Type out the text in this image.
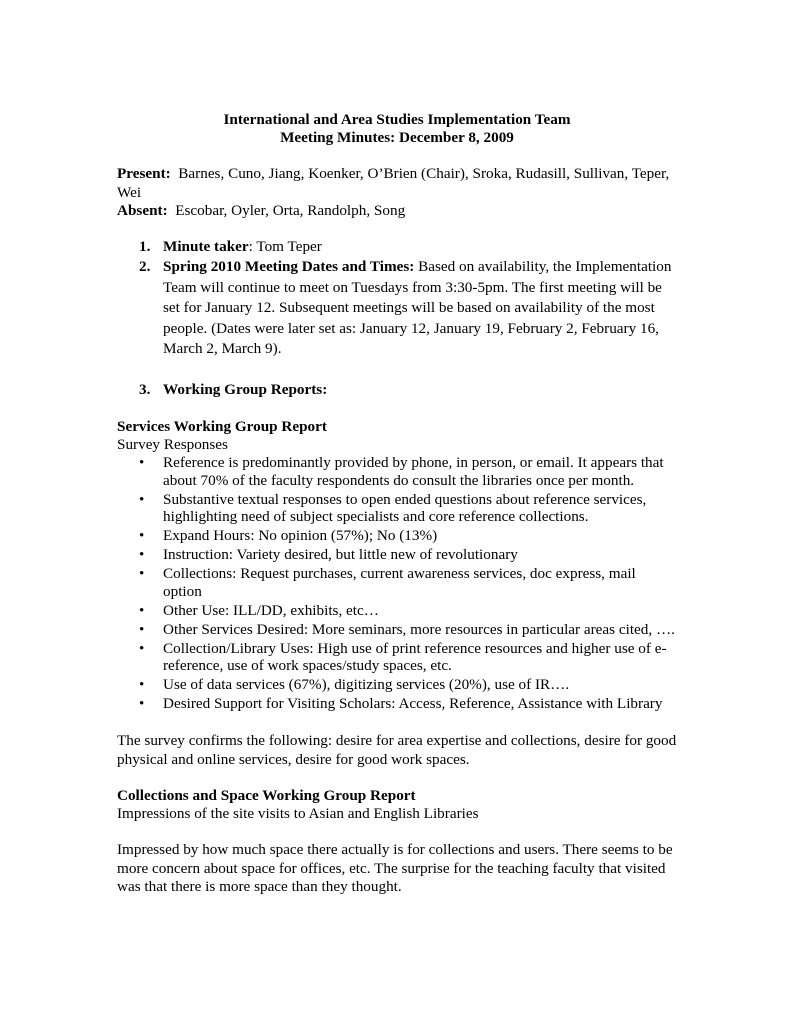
International and Area Studies Implementation Team

Meeting Minutes: December 8, 2009

Present: Barnes, Cuno, Jiang, Koenker, O’Brien (Chair), Sroka, Rudasill, Sullivan, Teper, Wei

Absent: Escobar, Oyler, Orta, Randolph, Song

1. Minute taker: Tom Teper
2. Spring 2010 Meeting Dates and Times: Based on availability, the Implementation Team will continue to meet on Tuesdays from 3:30-5pm. The first meeting will be set for January 12. Subsequent meetings will be based on availability of the most people. (Dates were later set as: January 12, January 19, February 2, February 16, March 2, March 9).
3. Working Group Reports:

Services Working Group Report

Survey Responses

• Reference is predominantly provided by phone, in person, or email. It appears that about 70% of the faculty respondents do consult the libraries once per month.
• Substantive textual responses to open ended questions about reference services, highlighting need of subject specialists and core reference collections.
• Expand Hours: No opinion (57%); No (13%)
• Instruction: Variety desired, but little new of revolutionary
• Collections: Request purchases, current awareness services, doc express, mail option
• Other Use: ILL/DD, exhibits, etc…
• Other Services Desired: More seminars, more resources in particular areas cited, ….
• Collection/Library Uses: High use of print reference resources and higher use of e-reference, use of work spaces/study spaces, etc.
• Use of data services (67%), digitizing services (20%), use of IR….
• Desired Support for Visiting Scholars: Access, Reference, Assistance with Library

The survey confirms the following: desire for area expertise and collections, desire for good physical and online services, desire for good work spaces.

Collections and Space Working Group Report

Impressions of the site visits to Asian and English Libraries

Impressed by how much space there actually is for collections and users. There seems to be more concern about space for offices, etc. The surprise for the teaching faculty that visited was that there is more space than they thought.
